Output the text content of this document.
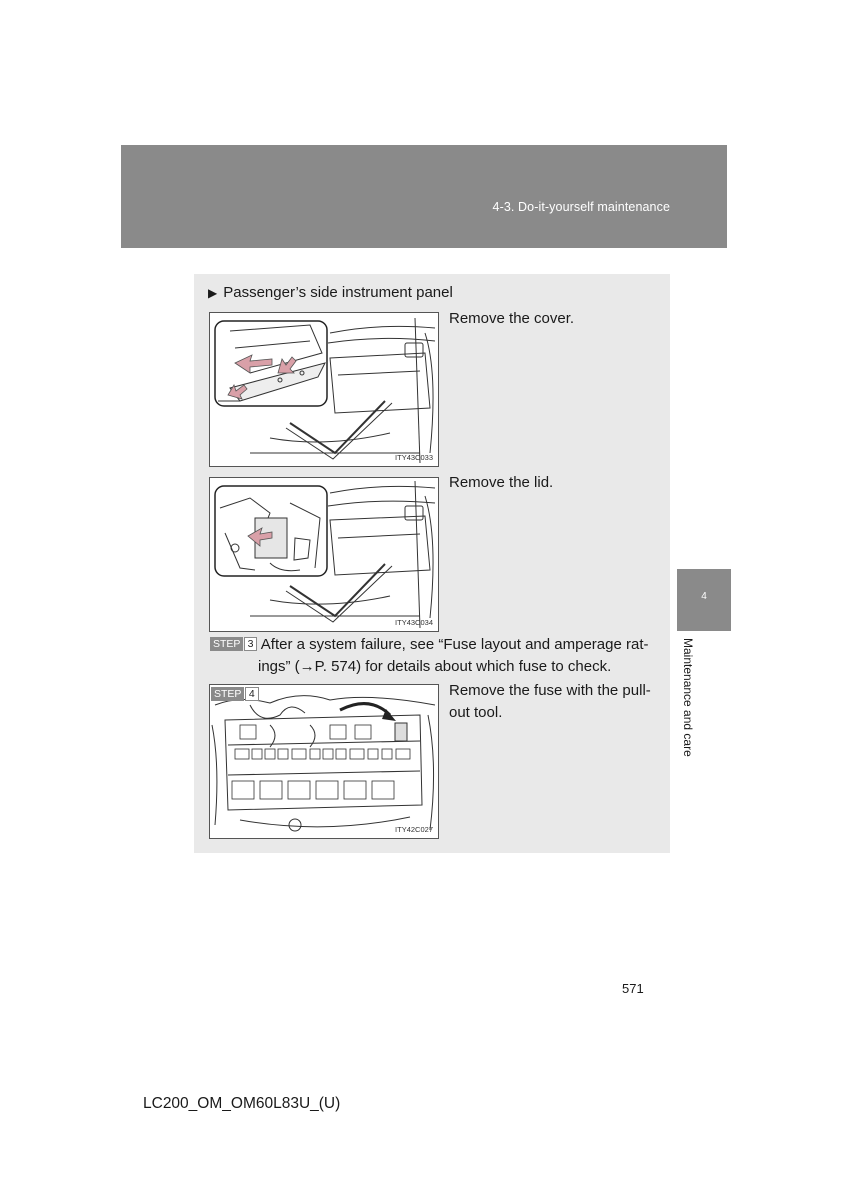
4-3. Do-it-yourself maintenance
▶ Passenger’s side instrument panel
ITY43C033
Remove the cover.
ITY43C034
Remove the lid.
STEP 3 After a system failure, see “Fuse layout and amperage rat-
ings” (→P. 574) for details about which fuse to check.
STEP 4
ITY42C027
Remove the fuse with the pull-
out tool.
4
Maintenance and care
571
LC200_OM_OM60L83U_(U)
